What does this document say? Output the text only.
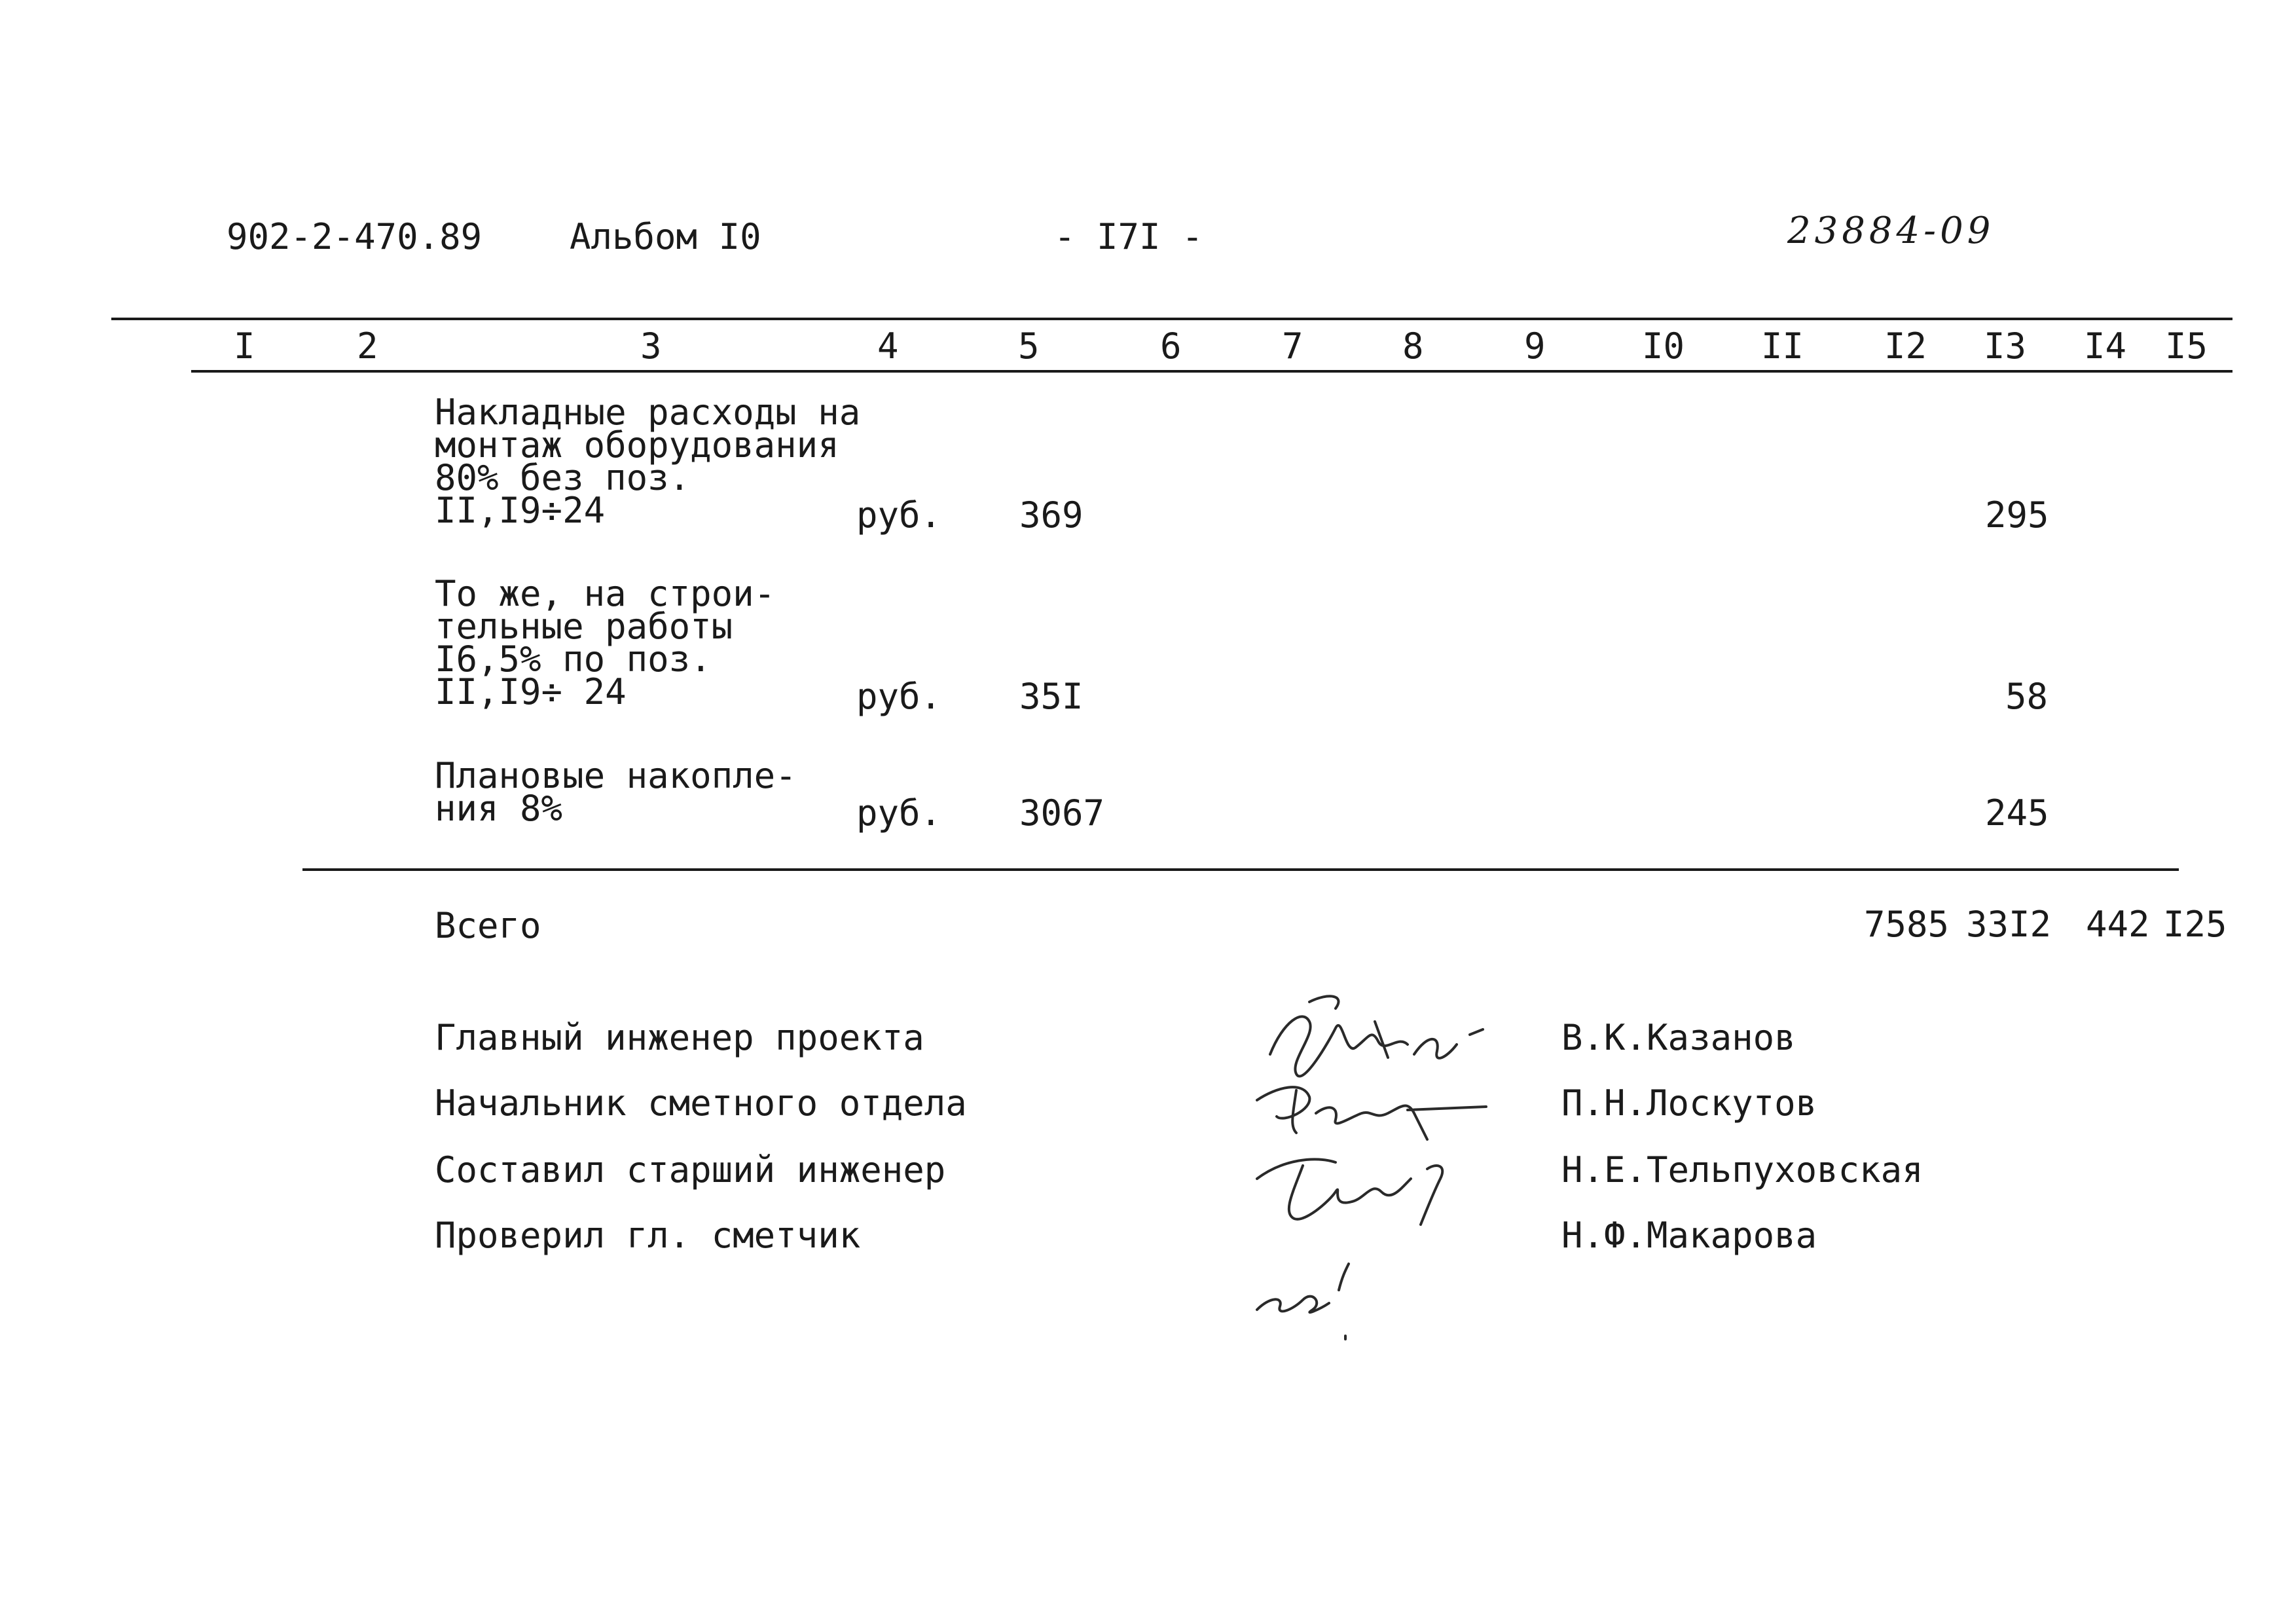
902-2-470.89 Альбом I0	- I7I -	23884-09
I	2	3	4	5	6	7	8	9	I0 II I2 I3 I4 I5
Накладные расходы на
монтаж оборудования
80% без поз.
II,I9÷24	руб. 369	295
То же, на строи-
тельные работы
I6,5% по поз.
II,I9÷ 24	руб. 35I	58
Плановые накопле-
ния 8%	руб. 3067	245
Всего	7585 33I2 442 I25
Главный инженер проекта
Начальник сметного отдела
Составил старший инженер
Проверил гл. сметчик
В.К.Казанов
П.Н.Лоскутов
Н.Е.Тельпуховская
Н.Ф.Макарова
